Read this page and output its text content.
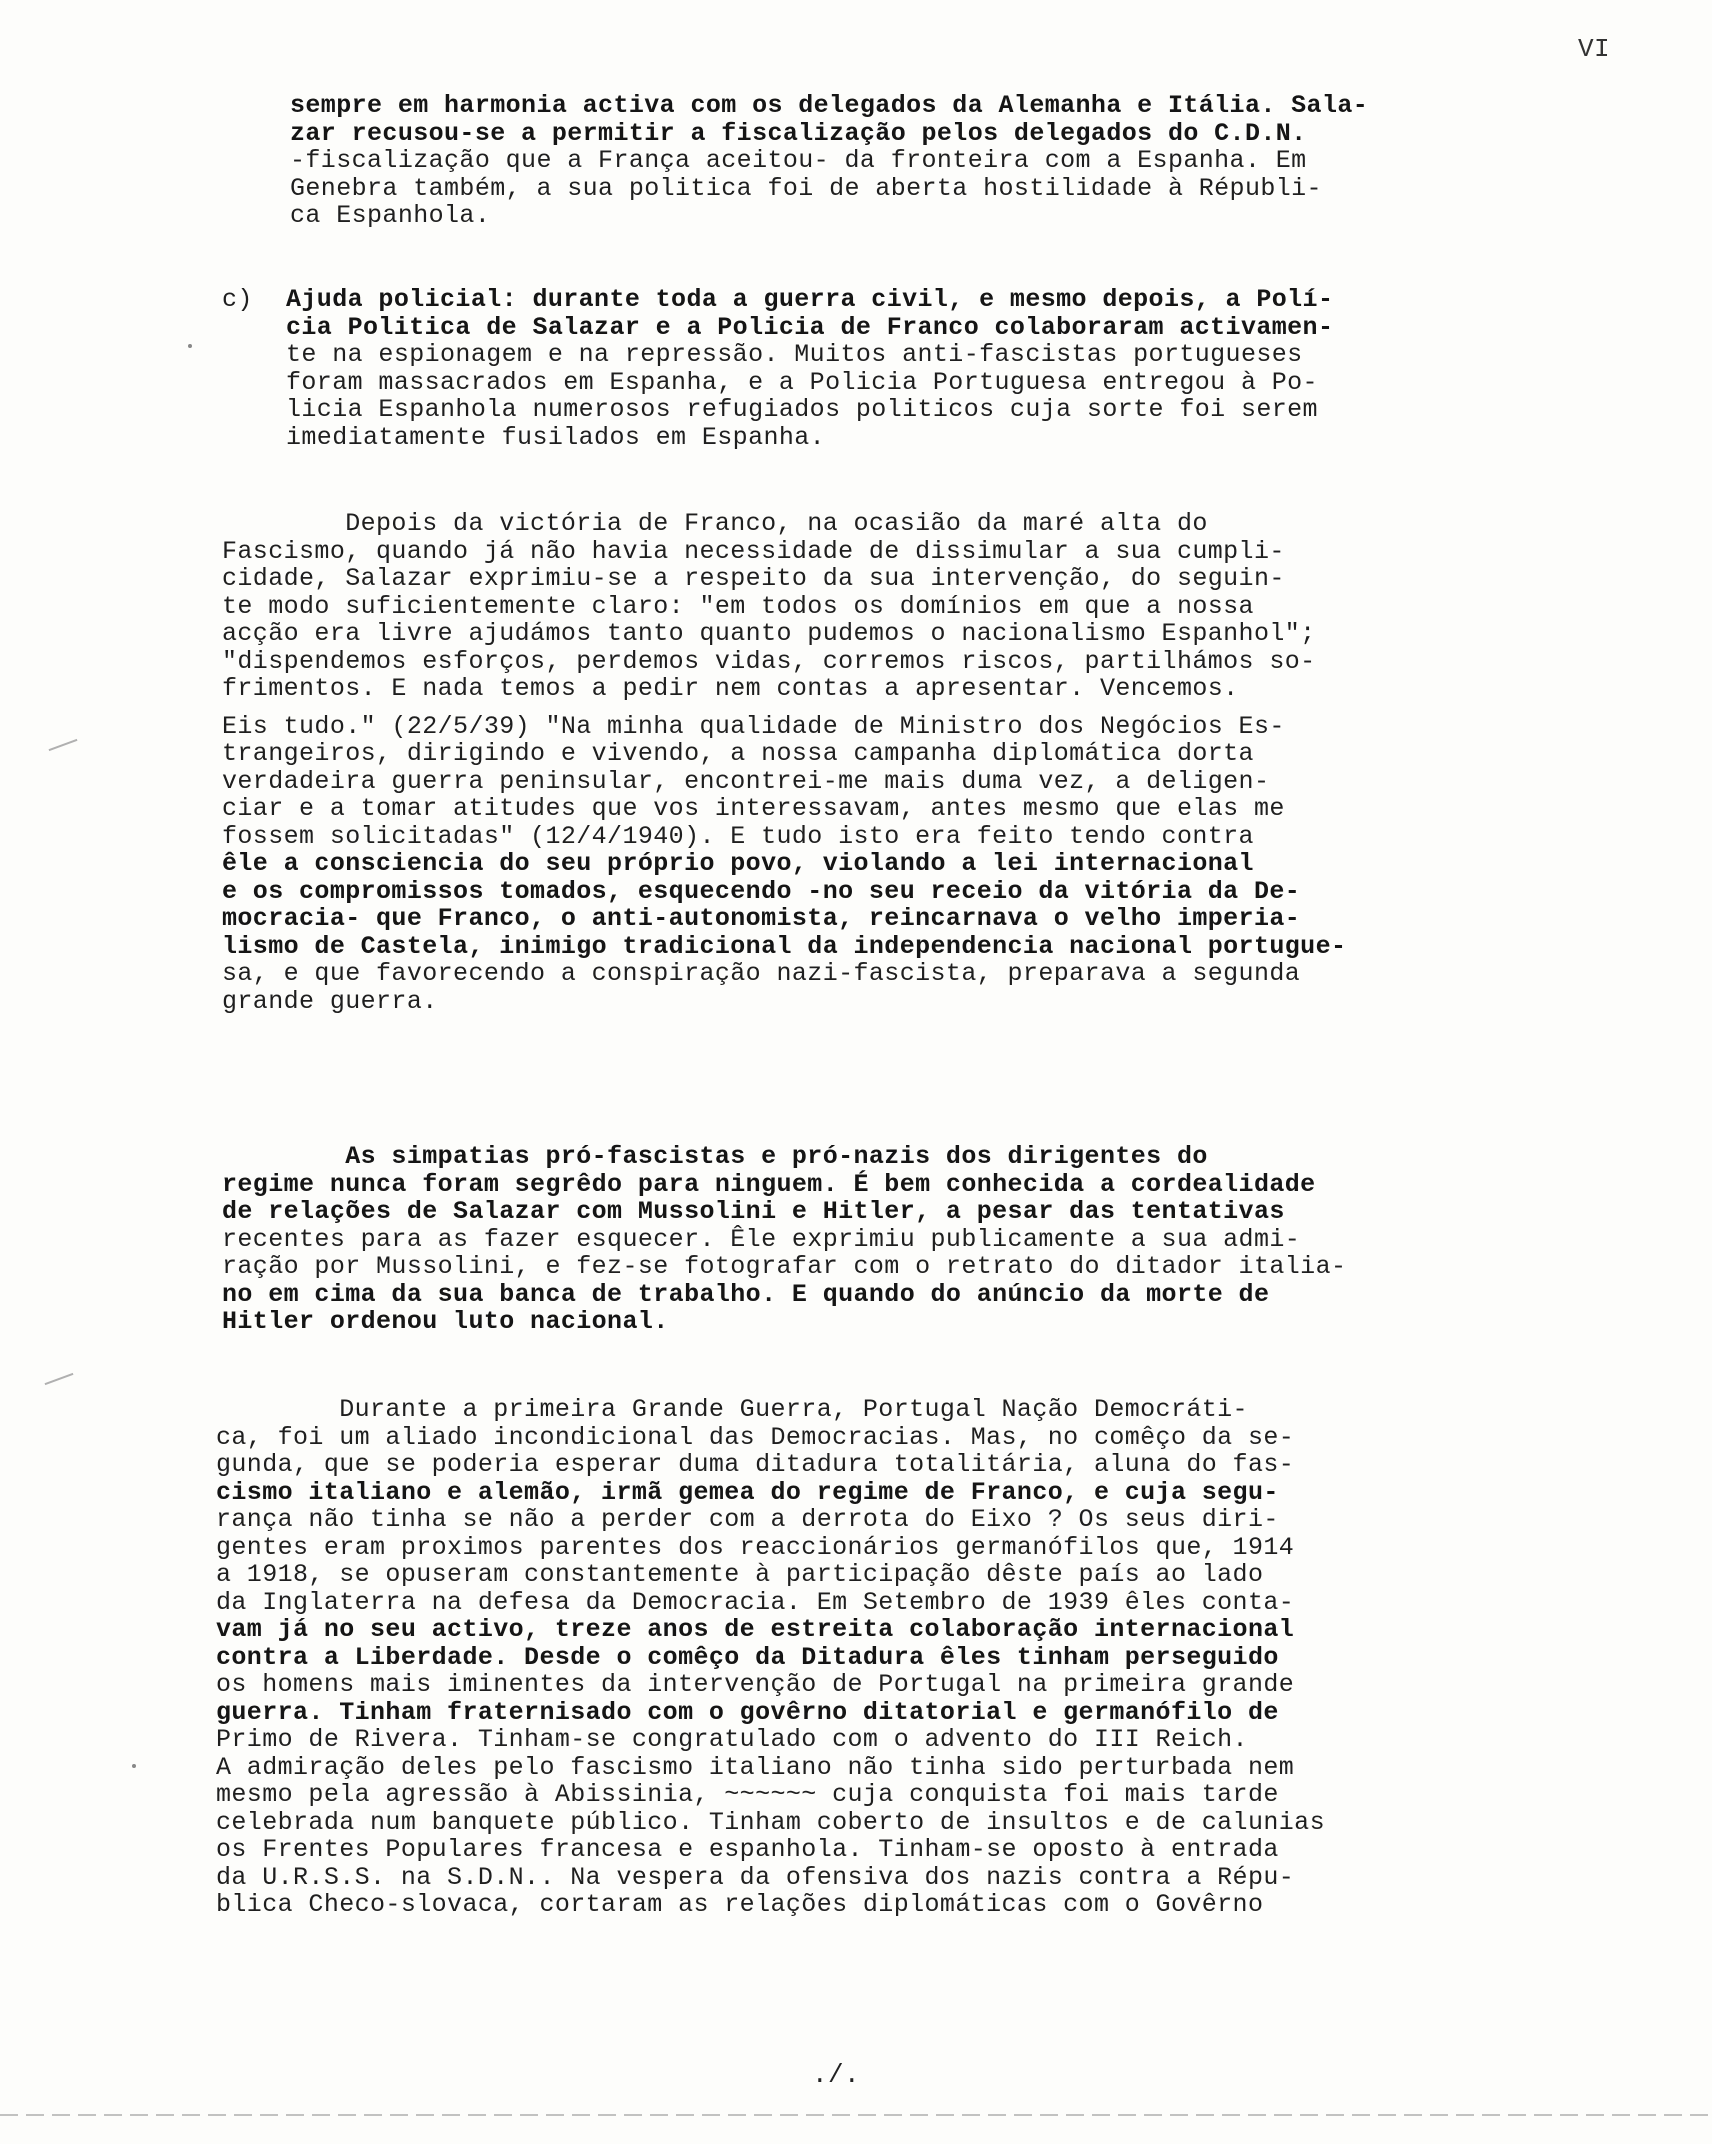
VI
sempre em harmonia activa com os delegados da Alemanha e Itália. Sala-
zar recusou-se a permitir a fiscalização pelos delegados do C.D.N.
-fiscalização que a França aceitou- da fronteira com a Espanha. Em
Genebra também, a sua politica foi de aberta hostilidade à Républi-
ca Espanhola.
c) Ajuda policial: durante toda a guerra civil, e mesmo depois, a Polí-
cia Politica de Salazar e a Policia de Franco colaboraram activamen-
te na espionagem e na repressão. Muitos anti-fascistas portugueses
foram massacrados em Espanha, e a Policia Portuguesa entregou à Po-
licia Espanhola numerosos refugiados politicos cuja sorte foi serem
imediatamente fusilados em Espanha.
Depois da victória de Franco, na ocasião da maré alta do
Fascismo, quando já não havia necessidade de dissimular a sua cumpli-
cidade, Salazar exprimiu-se a respeito da sua intervenção, do seguin-
te modo suficientemente claro: "em todos os domínios em que a nossa
acção era livre ajudámos tanto quanto pudemos o nacionalismo Espanhol";
"dispendemos esforços, perdemos vidas, corremos riscos, partilhámos so-
frimentos. E nada temos a pedir nem contas a apresentar. Vencemos.
Eis tudo." (22/5/39) "Na minha qualidade de Ministro dos Negócios Es-
trangeiros, dirigindo e vivendo, a nossa campanha diplomática dorta
verdadeira guerra peninsular, encontrei-me mais duma vez, a deligen-
ciar e a tomar atitudes que vos interessavam, antes mesmo que elas me
fossem solicitadas" (12/4/1940). E tudo isto era feito tendo contra
êle a consciencia do seu próprio povo, violando a lei internacional
e os compromissos tomados, esquecendo -no seu receio da vitória da De-
mocracia- que Franco, o anti-autonomista, reincarnava o velho imperia-
lismo de Castela, inimigo tradicional da independencia nacional portugue-
sa, e que favorecendo a conspiração nazi-fascista, preparava a segunda
grande guerra.
As simpatias pró-fascistas e pró-nazis dos dirigentes do
regime nunca foram segrêdo para ninguem. É bem conhecida a cordealidade
de relações de Salazar com Mussolini e Hitler, a pesar das tentativas
recentes para as fazer esquecer. Êle exprimiu publicamente a sua admi-
ração por Mussolini, e fez-se fotografar com o retrato do ditador italia-
no em cima da sua banca de trabalho. E quando do anúncio da morte de
Hitler ordenou luto nacional.
Durante a primeira Grande Guerra, Portugal Nação Democráti-
ca, foi um aliado incondicional das Democracias. Mas, no comêço da se-
gunda, que se poderia esperar duma ditadura totalitária, aluna do fas-
cismo italiano e alemão, irmã gemea do regime de Franco, e cuja segu-
rança não tinha se não a perder com a derrota do Eixo ? Os seus diri-
gentes eram proximos parentes dos reaccionários germanófilos que, 1914
a 1918, se opuseram constantemente à participação dêste país ao lado
da Inglaterra na defesa da Democracia. Em Setembro de 1939 êles conta-
vam já no seu activo, treze anos de estreita colaboração internacional
contra a Liberdade. Desde o comêço da Ditadura êles tinham perseguido
os homens mais iminentes da intervenção de Portugal na primeira grande
guerra. Tinham fraternisado com o govêrno ditatorial e germanófilo de
Primo de Rivera. Tinham-se congratulado com o advento do III Reich.
A admiração deles pelo fascismo italiano não tinha sido perturbada nem
mesmo pela agressão à Abissinia, ~~~~~~ cuja conquista foi mais tarde
celebrada num banquete público. Tinham coberto de insultos e de calunias
os Frentes Populares francesa e espanhola. Tinham-se oposto à entrada
da U.R.S.S. na S.D.N.. Na vespera da ofensiva dos nazis contra a Répu-
blica Checo-slovaca, cortaram as relações diplomáticas com o Govêrno
./.
